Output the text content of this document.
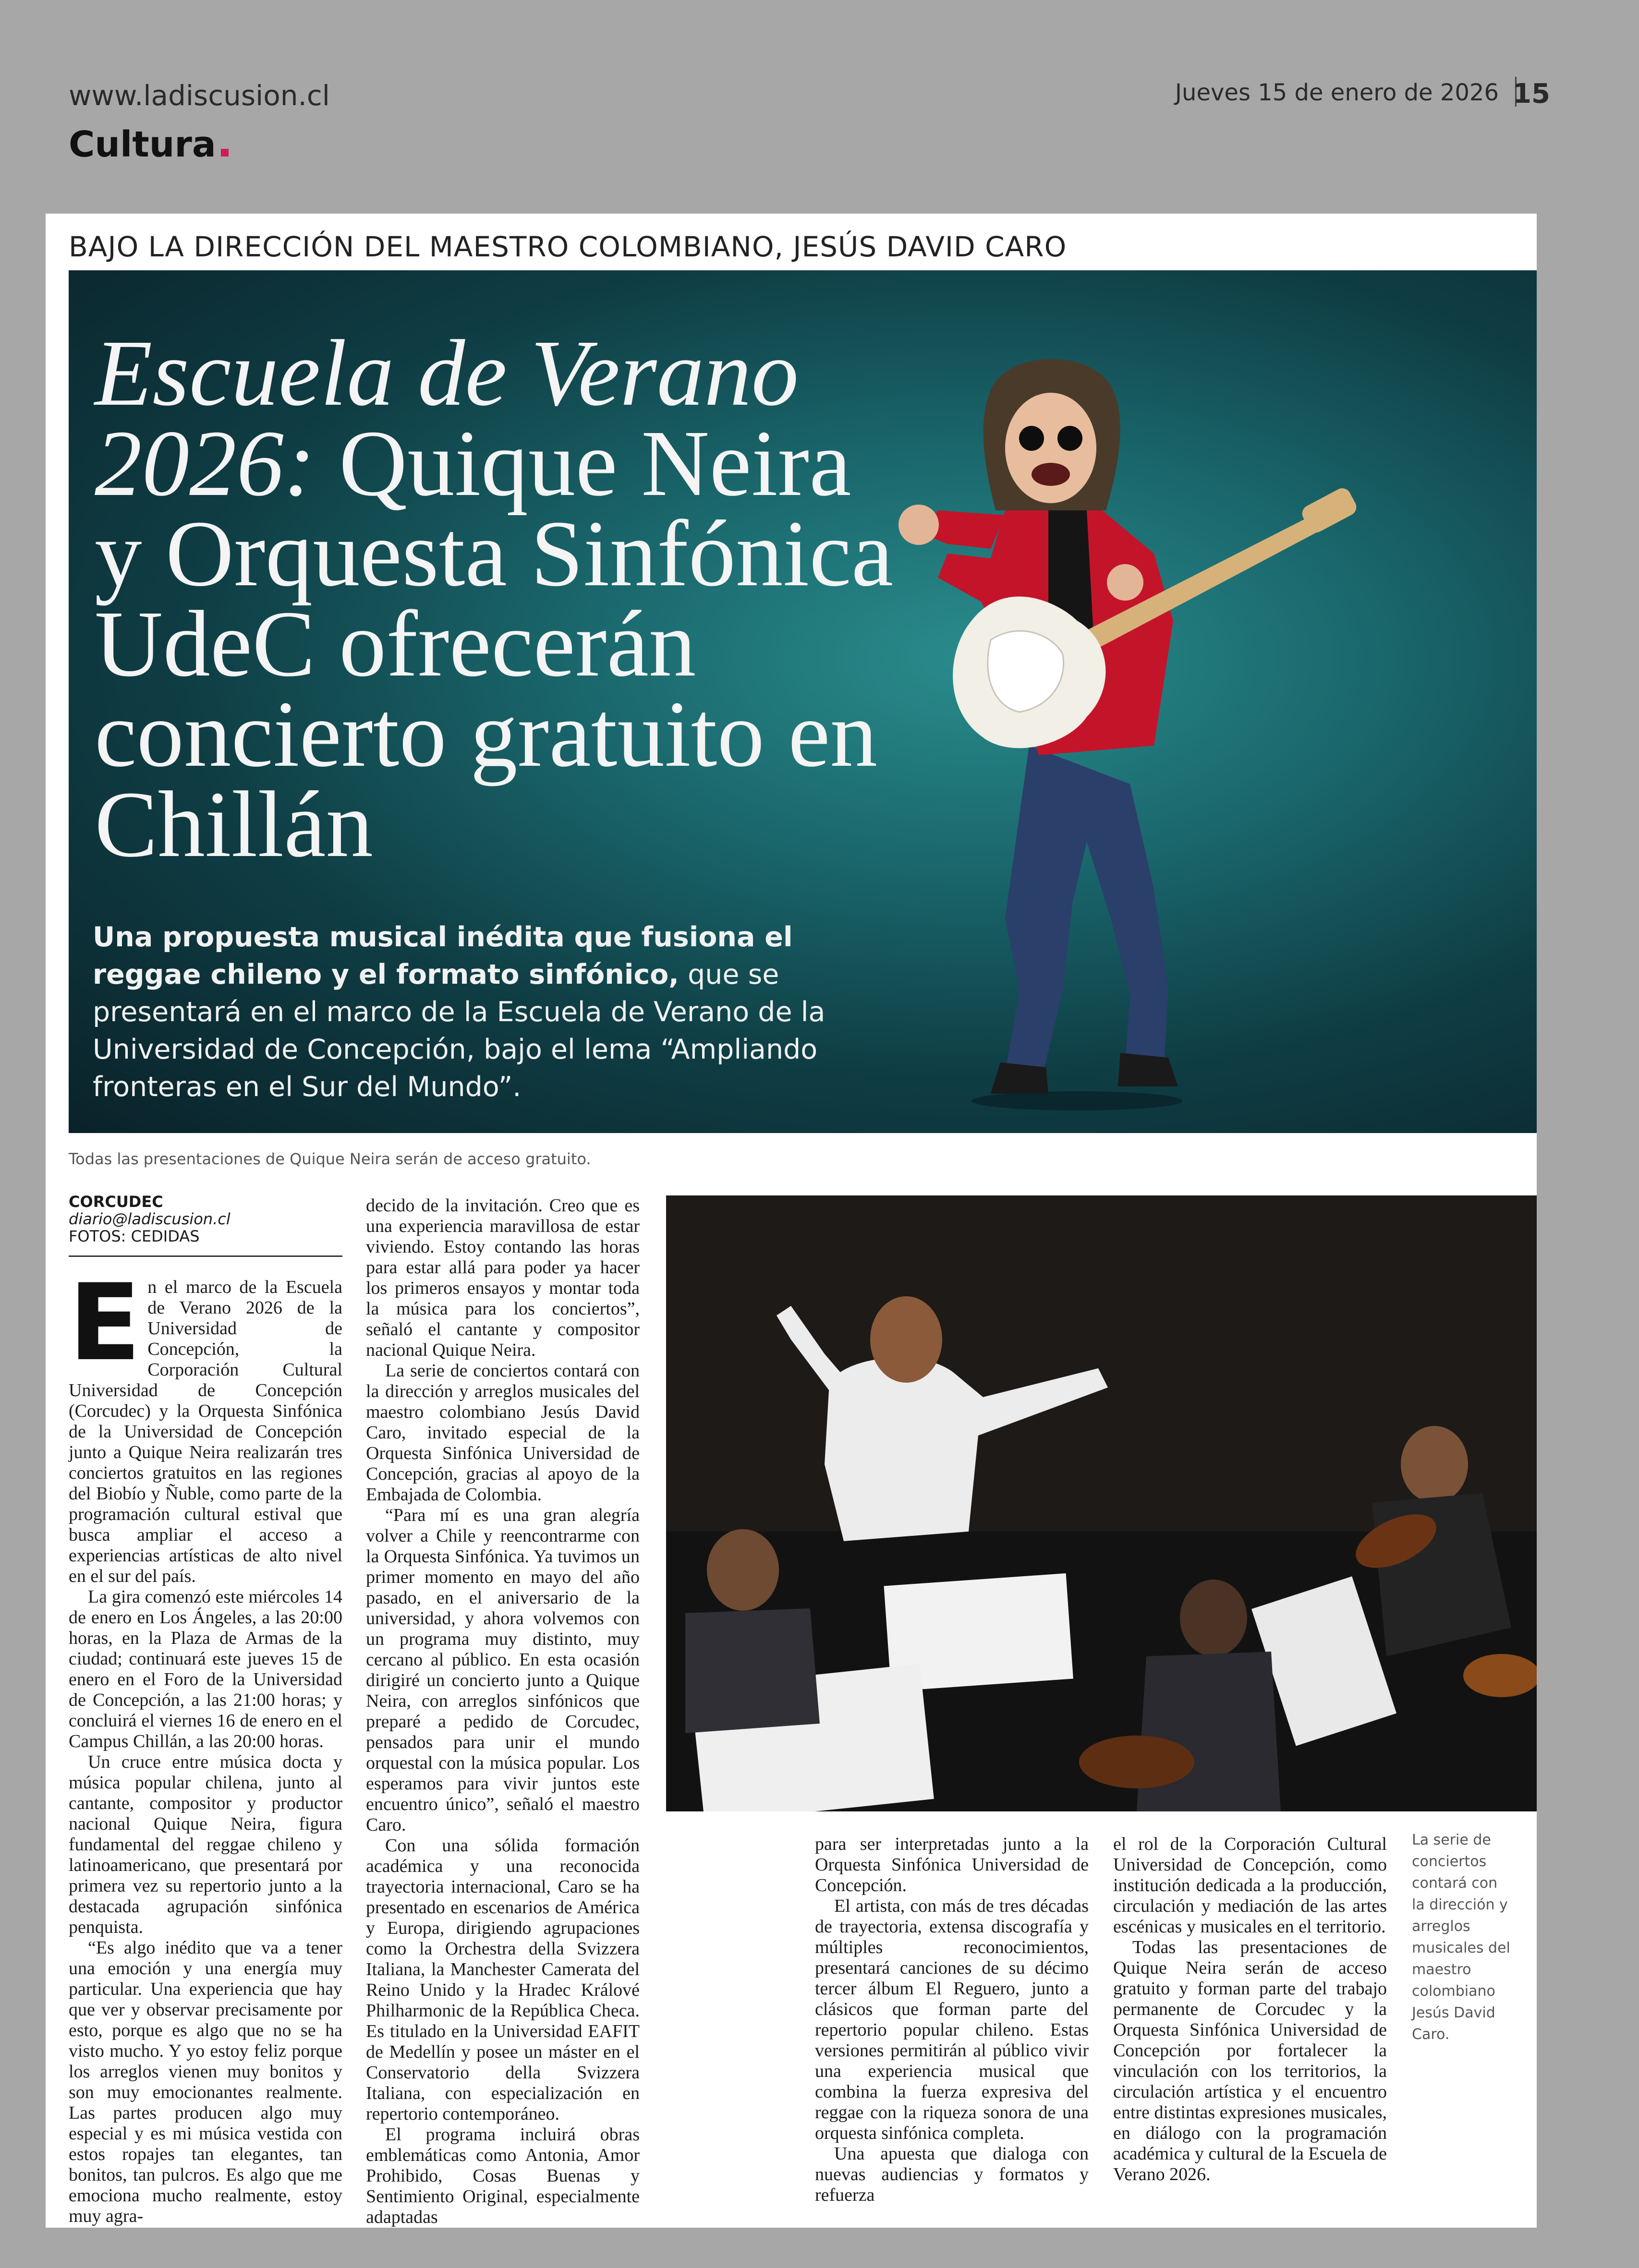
www.ladiscusion.cl	Jueves 15 de enero de 2026 15
Cultura
BAJO LA DIRECCIÓN DEL MAESTRO COLOMBIANO, JESÚS DAVID CARO
Escuela de Verano 2026: Quique Neira y Orquesta Sinfónica UdeC ofrecerán concierto gratuito en Chillán
Una propuesta musical inédita que fusiona el reggae chileno y el formato sinfónico, que se presentará en el marco de la Escuela de Verano de la Universidad de Concepción, bajo el lema “Ampliando fronteras en el Sur del Mundo”.
Todas las presentaciones de Quique Neira serán de acceso gratuito.
CORCUDEC
diario@ladiscusion.cl
FOTOS: CEDIDAS

En el marco de la Escuela de Verano 2026 de la Universidad de Concepción, la Corporación Cultural Universidad de Concepción (Corcudec) y la Orquesta Sinfónica de la Universidad de Concepción junto a Quique Neira realizarán tres conciertos gratuitos en las regiones del Biobío y Ñuble, como parte de la programación cultural estival que busca ampliar el acceso a experiencias artísticas de alto nivel en el sur del país.

La gira comenzó este miércoles 14 de enero en Los Ángeles, a las 20:00 horas, en la Plaza de Armas de la ciudad; continuará este jueves 15 de enero en el Foro de la Universidad de Concepción, a las 21:00 horas; y concluirá el viernes 16 de enero en el Campus Chillán, a las 20:00 horas.

Un cruce entre música docta y música popular chilena, junto al cantante, compositor y productor nacional Quique Neira, figura fundamental del reggae chileno y latinoamericano, que presentará por primera vez su repertorio junto a la destacada agrupación sinfónica penquista.

“Es algo inédito que va a tener una emoción y una energía muy particular. Una experiencia que hay que ver y observar precisamente por esto, porque es algo que no se ha visto mucho. Y yo estoy feliz porque los arreglos vienen muy bonitos y son muy emocionantes realmente. Las partes producen algo muy especial y es mi música vestida con estos ropajes tan elegantes, tan bonitos, tan pulcros. Es algo que me emociona mucho realmente, estoy muy agra-

decido de la invitación. Creo que es una experiencia maravillosa de estar viviendo. Estoy contando las horas para estar allá para poder ya hacer los primeros ensayos y montar toda la música para los conciertos”, señaló el cantante y compositor nacional Quique Neira.

La serie de conciertos contará con la dirección y arreglos musicales del maestro colombiano Jesús David Caro, invitado especial de la Orquesta Sinfónica Universidad de Concepción, gracias al apoyo de la Embajada de Colombia.

“Para mí es una gran alegría volver a Chile y reencontrarme con la Orquesta Sinfónica. Ya tuvimos un primer momento en mayo del año pasado, en el aniversario de la universidad, y ahora volvemos con un programa muy distinto, muy cercano al público. En esta ocasión dirigiré un concierto junto a Quique Neira, con arreglos sinfónicos que preparé a pedido de Corcudec, pensados para unir el mundo orquestal con la música popular. Los esperamos para vivir juntos este encuentro único”, señaló el maestro Caro.

Con una sólida formación académica y una reconocida trayectoria internacional, Caro se ha presentado en escenarios de América y Europa, dirigiendo agrupaciones como la Orchestra della Svizzera Italiana, la Manchester Camerata del Reino Unido y la Hradec Králové Philharmonic de la República Checa. Es titulado en la Universidad EAFIT de Medellín y posee un máster en el Conservatorio della Svizzera Italiana, con especialización en repertorio contemporáneo.

El programa incluirá obras emblemáticas como Antonia, Amor Prohibido, Cosas Buenas y Sentimiento Original, especialmente adaptadas

para ser interpretadas junto a la Orquesta Sinfónica Universidad de Concepción.

El artista, con más de tres décadas de trayectoria, extensa discografía y múltiples reconocimientos, presentará canciones de su décimo tercer álbum El Reguero, junto a clásicos que forman parte del repertorio popular chileno. Estas versiones permitirán al público vivir una experiencia musical que combina la fuerza expresiva del reggae con la riqueza sonora de una orquesta sinfónica completa.

Una apuesta que dialoga con nuevas audiencias y formatos y refuerza

el rol de la Corporación Cultural Universidad de Concepción, como institución dedicada a la producción, circulación y mediación de las artes escénicas y musicales en el territorio.

Todas las presentaciones de Quique Neira serán de acceso gratuito y forman parte del trabajo permanente de Corcudec y la Orquesta Sinfónica Universidad de Concepción por fortalecer la vinculación con los territorios, la circulación artística y el encuentro entre distintas expresiones musicales, en diálogo con la programación académica y cultural de la Escuela de Verano 2026.

La serie de conciertos contará con la dirección y arreglos musicales del maestro colombiano Jesús David Caro.
